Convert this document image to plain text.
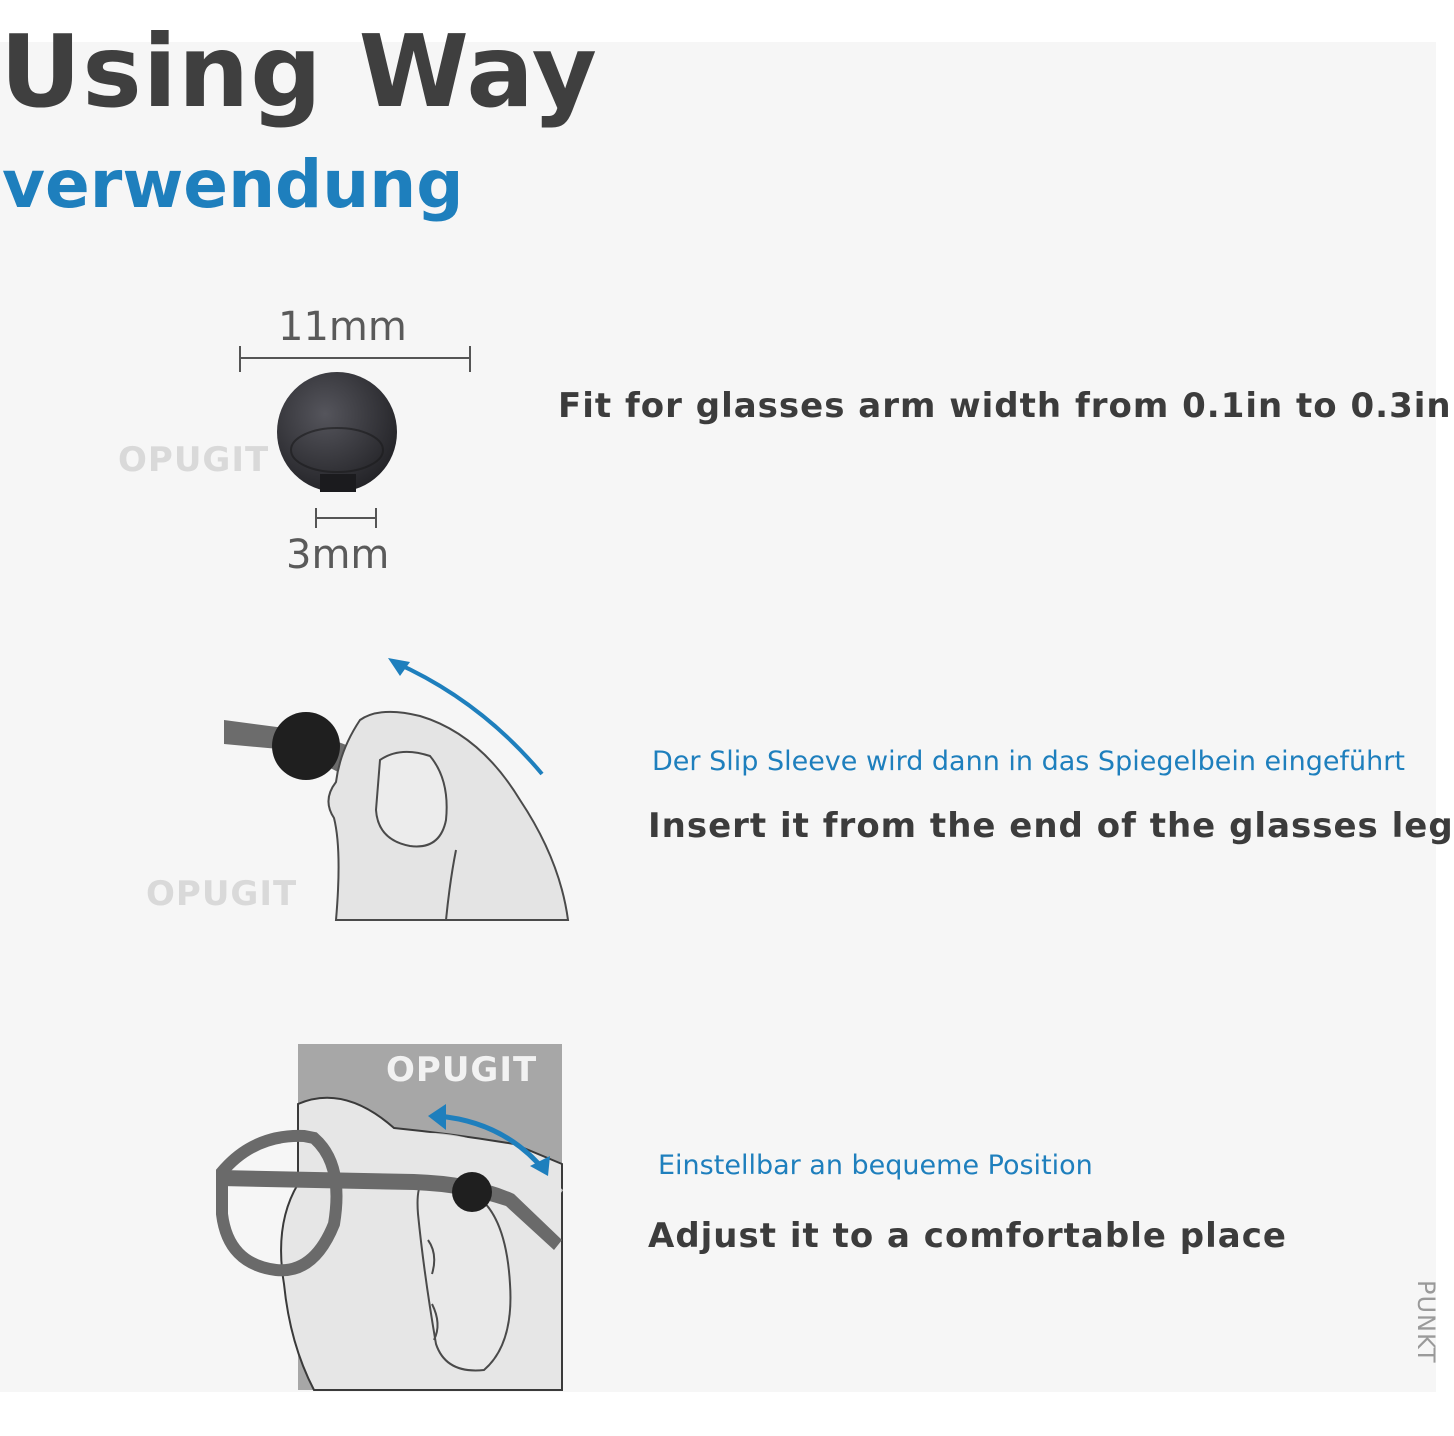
Using Way
verwendung
11mm
OPUGIT
3mm
Fit for glasses arm width from 0.1in to 0.3in
OPUGIT
Der Slip Sleeve wird dann in das Spiegelbein eingeführt
Insert it from the end of the glasses leg
OPUGIT
Einstellbar an bequeme Position
Adjust it to a comfortable place
PUNKT
